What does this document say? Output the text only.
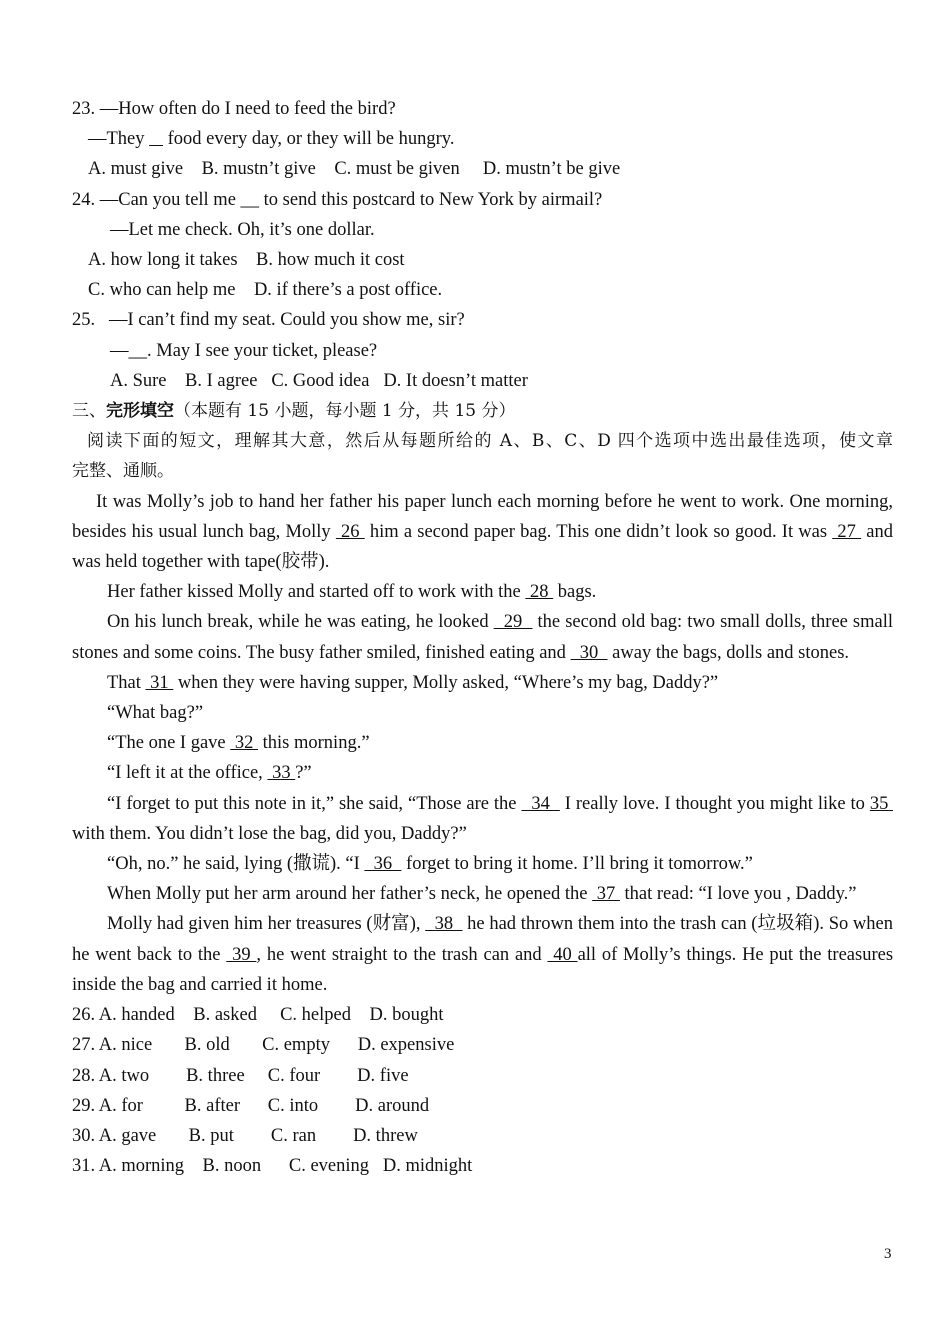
23. ―How often do I need to feed the bird?
―They     food every day, or they will be hungry.
A. must give    B. mustn’t give    C. must be given     D. mustn’t be give
24. ―Can you tell me __ to send this postcard to New York by airmail?
―Let me check. Oh, it’s one dollar.
A. how long it takes    B. how much it cost
C. who can help me    D. if there’s a post office.
25.   ―I can’t find my seat. Could you show me, sir?
―__. May I see your ticket, please?
A. Sure    B. I agree   C. Good idea   D. It doesn’t matter
三、完形填空（本题有 15 小题，每小题 1 分，共 15 分）
阅读下面的短文，理解其大意，然后从每题所给的 A、B、C、D 四个选项中选出最佳选项，使文章
完整、通顺。
It was Molly’s job to hand her father his paper lunch each morning before he went to work. One morning, besides his usual lunch bag, Molly  26  him a second paper bag. This one didn’t look so good. It was  27  and was held together with tape(胶带).
Her father kissed Molly and started off to work with the  28  bags.
On his lunch break, while he was eating, he looked   29   the second old bag: two small dolls, three small stones and some coins. The busy father smiled, finished eating and   30   away the bags, dolls and stones.
That  31  when they were having supper, Molly asked, “Where’s my bag, Daddy?”
“What bag?”
“The one I gave  32  this morning.”
“I left it at the office,  33 ?”
“I forget to put this note in it,” she said, “Those are the   34   I really love. I thought you might like to 35  with them. You didn’t lose the bag, did you, Daddy?”
“Oh, no.” he said, lying (撒谎). “I   36   forget to bring it home. I’ll bring it tomorrow.”
When Molly put her arm around her father’s neck, he opened the  37  that read: “I love you , Daddy.”
Molly had given him her treasures (财富),   38   he had thrown them into the trash can (垃圾箱). So when he went back to the  39 , he went straight to the trash can and  40 all of Molly’s things. He put the treasures inside the bag and carried it home.
26. A. handed    B. asked     C. helped    D. bought
27. A. nice       B. old       C. empty      D. expensive
28. A. two        B. three     C. four        D. five
29. A. for         B. after      C. into        D. around
30. A. gave       B. put        C. ran        D. threw
31. A. morning    B. noon      C. evening   D. midnight
3
